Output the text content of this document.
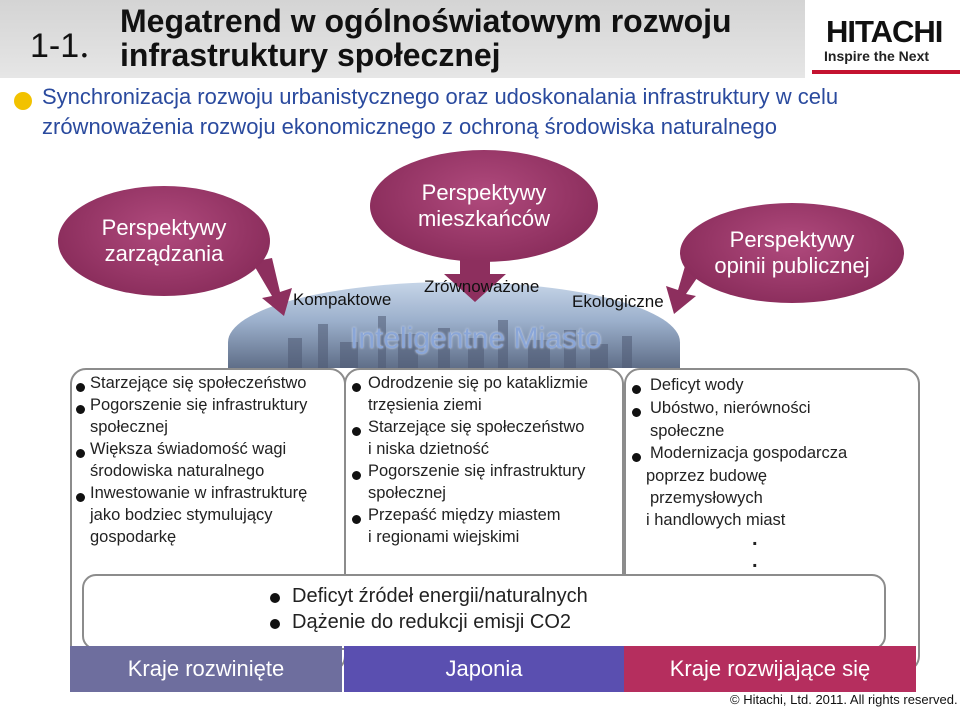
1-1．
Megatrend w ogólnoświatowym rozwoju
infrastruktury społecznej
HITACHI
Inspire the Next
Synchronizacja rozwoju urbanistycznego oraz udoskonalania infrastruktury w celu
zrównoważenia rozwoju ekonomicznego z ochroną środowiska naturalnego
Perspektywy
zarządzania
Perspektywy
mieszkańców
Perspektywy
opinii publicznej
Kompaktowe
Zrównoważone
Ekologiczne
Inteligentne Miasto
Starzejące się społeczeństwo
Pogorszenie się infrastruktury
społecznej
Większa świadomość wagi
środowiska naturalnego
Inwestowanie w infrastrukturę
jako bodziec stymulujący
gospodarkę
Odrodzenie się po kataklizmie
trzęsienia ziemi
Starzejące się społeczeństwo
i niska dzietność
Pogorszenie się infrastruktury
społecznej
Przepaść między miastem
i regionami wiejskimi
Deficyt wody
Ubóstwo, nierówności
społeczne
Modernizacja gospodarcza
poprzez budowę
przemysłowych
i handlowych miast
.
.
Deficyt źródeł energii/naturalnych
Dążenie do redukcji emisji CO2
Kraje rozwinięte	Japonia	Kraje rozwijające się
© Hitachi, Ltd. 2011. All rights reserved.
